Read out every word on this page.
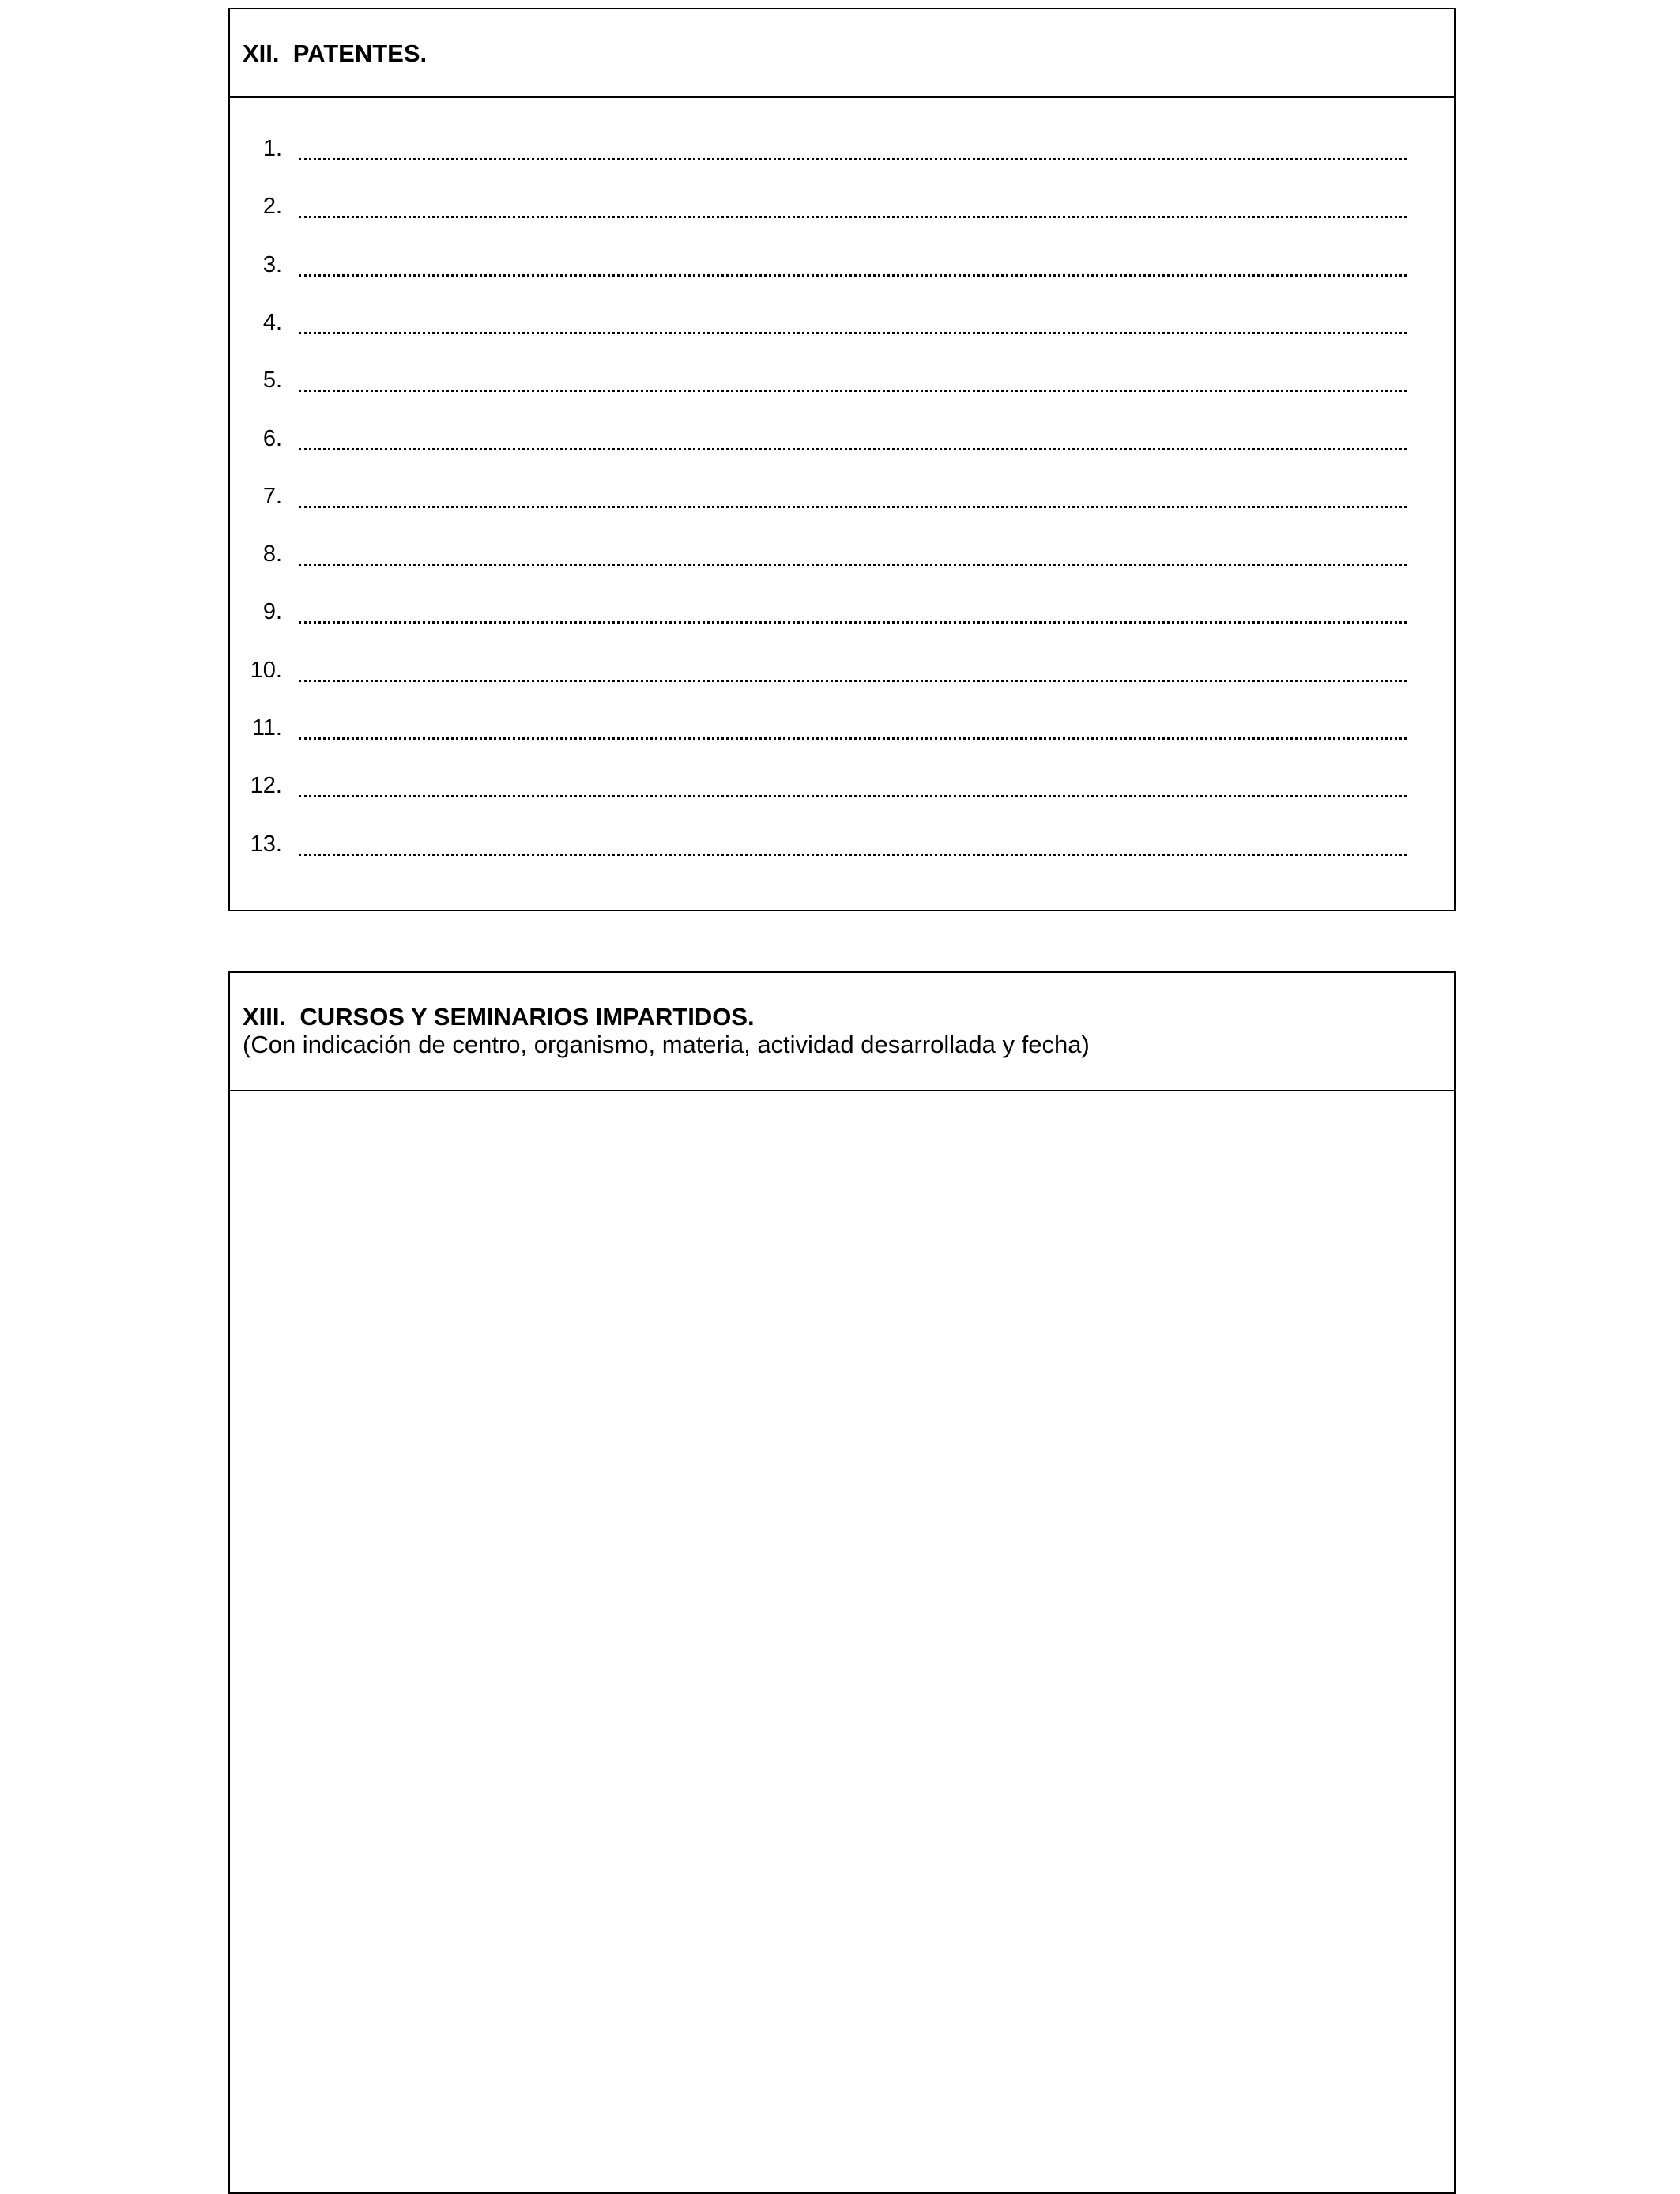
XII.  PATENTES.
1.
2.
3.
4.
5.
6.
7.
8.
9.
10.
11.
12.
13.
XIII.  CURSOS Y SEMINARIOS IMPARTIDOS.
(Con indicación de centro, organismo, materia, actividad desarrollada y fecha)
